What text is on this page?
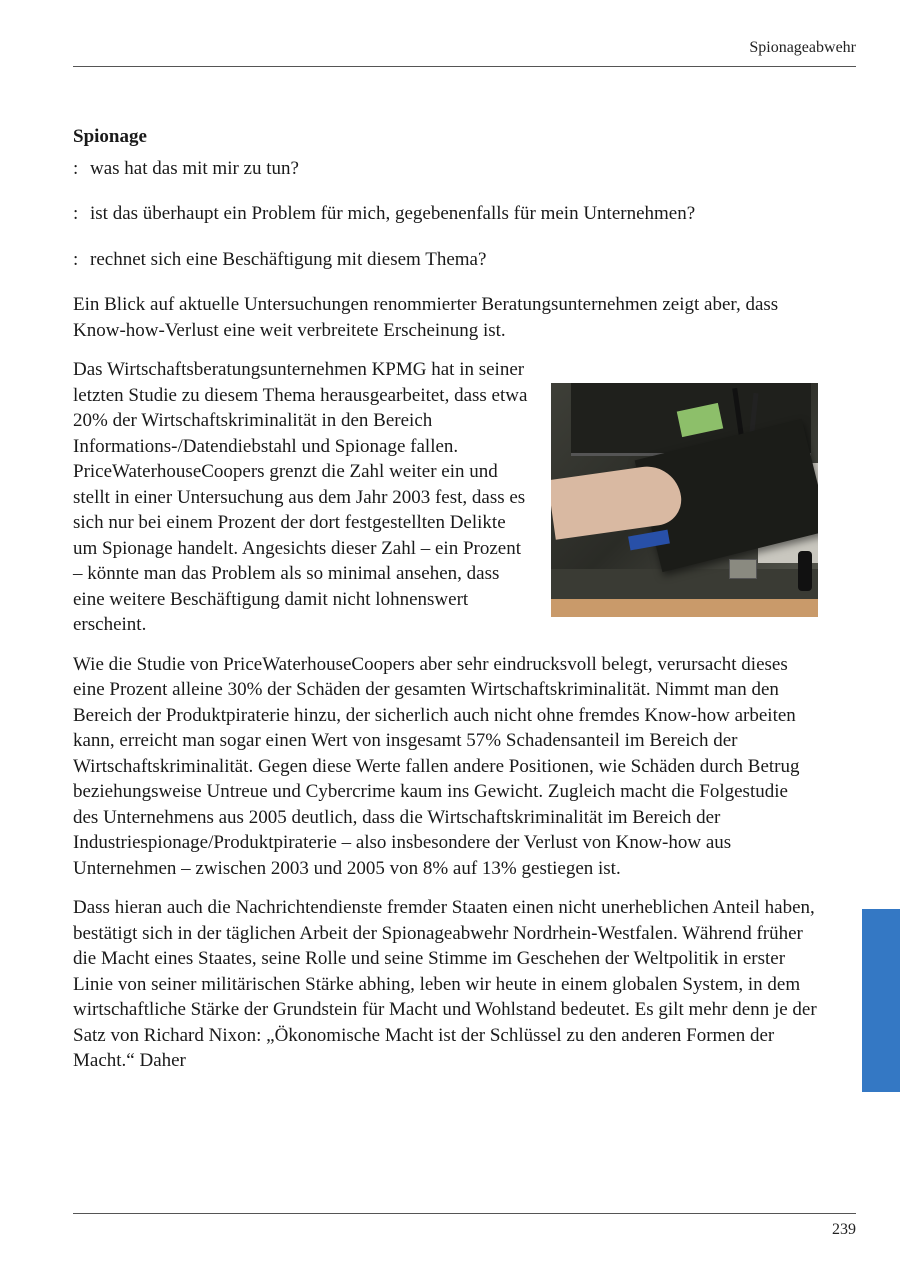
Spionageabwehr
Spionage
: was hat das mit mir zu tun?
: ist das überhaupt ein Problem für mich, gegebenenfalls für mein Unternehmen?
: rechnet sich eine Beschäftigung mit diesem Thema?

Ein Blick auf aktuelle Untersuchungen renommierter Beratungsunternehmen zeigt aber, dass Know-how-Verlust eine weit verbreitete Erscheinung ist.

Das Wirtschaftsberatungsunternehmen KPMG hat in seiner letzten Studie zu diesem Thema herausgearbeitet, dass etwa 20% der Wirtschaftskriminalität in den Bereich Informations-/Datendiebstahl und Spionage fallen. PriceWaterhouseCoopers grenzt die Zahl weiter ein und stellt in einer Untersuchung aus dem Jahr 2003 fest, dass es sich nur bei einem Prozent der dort festgestellten Delikte um Spionage handelt. Angesichts dieser Zahl – ein Prozent – könnte man das Problem als so minimal ansehen, dass eine weitere Beschäftigung damit nicht lohnenswert erscheint.

Wie die Studie von PriceWaterhouseCoopers aber sehr eindrucksvoll belegt, verursacht dieses eine Prozent alleine 30% der Schäden der gesamten Wirtschaftskriminalität. Nimmt man den Bereich der Produktpiraterie hinzu, der sicherlich auch nicht ohne fremdes Know-how arbeiten kann, erreicht man sogar einen Wert von insgesamt 57% Schadensanteil im Bereich der Wirtschaftskriminalität. Gegen diese Werte fallen andere Positionen, wie Schäden durch Betrug beziehungsweise Untreue und Cybercrime kaum ins Gewicht. Zugleich macht die Folgestudie des Unternehmens aus 2005 deutlich, dass die Wirtschaftskriminalität im Bereich der Industriespionage/Produktpiraterie – also insbesondere der Verlust von Know-how aus Unternehmen – zwischen 2003 und 2005 von 8% auf 13% gestiegen ist.

Dass hieran auch die Nachrichtendienste fremder Staaten einen nicht unerheblichen Anteil haben, bestätigt sich in der täglichen Arbeit der Spionageabwehr Nordrhein-Westfalen. Während früher die Macht eines Staates, seine Rolle und seine Stimme im Geschehen der Weltpolitik in erster Linie von seiner militärischen Stärke abhing, leben wir heute in einem globalen System, in dem wirtschaftliche Stärke der Grundstein für Macht und Wohlstand bedeutet. Es gilt mehr denn je der Satz von Richard Nixon: „Ökonomische Macht ist der Schlüssel zu den anderen Formen der Macht.“ Daher

239
